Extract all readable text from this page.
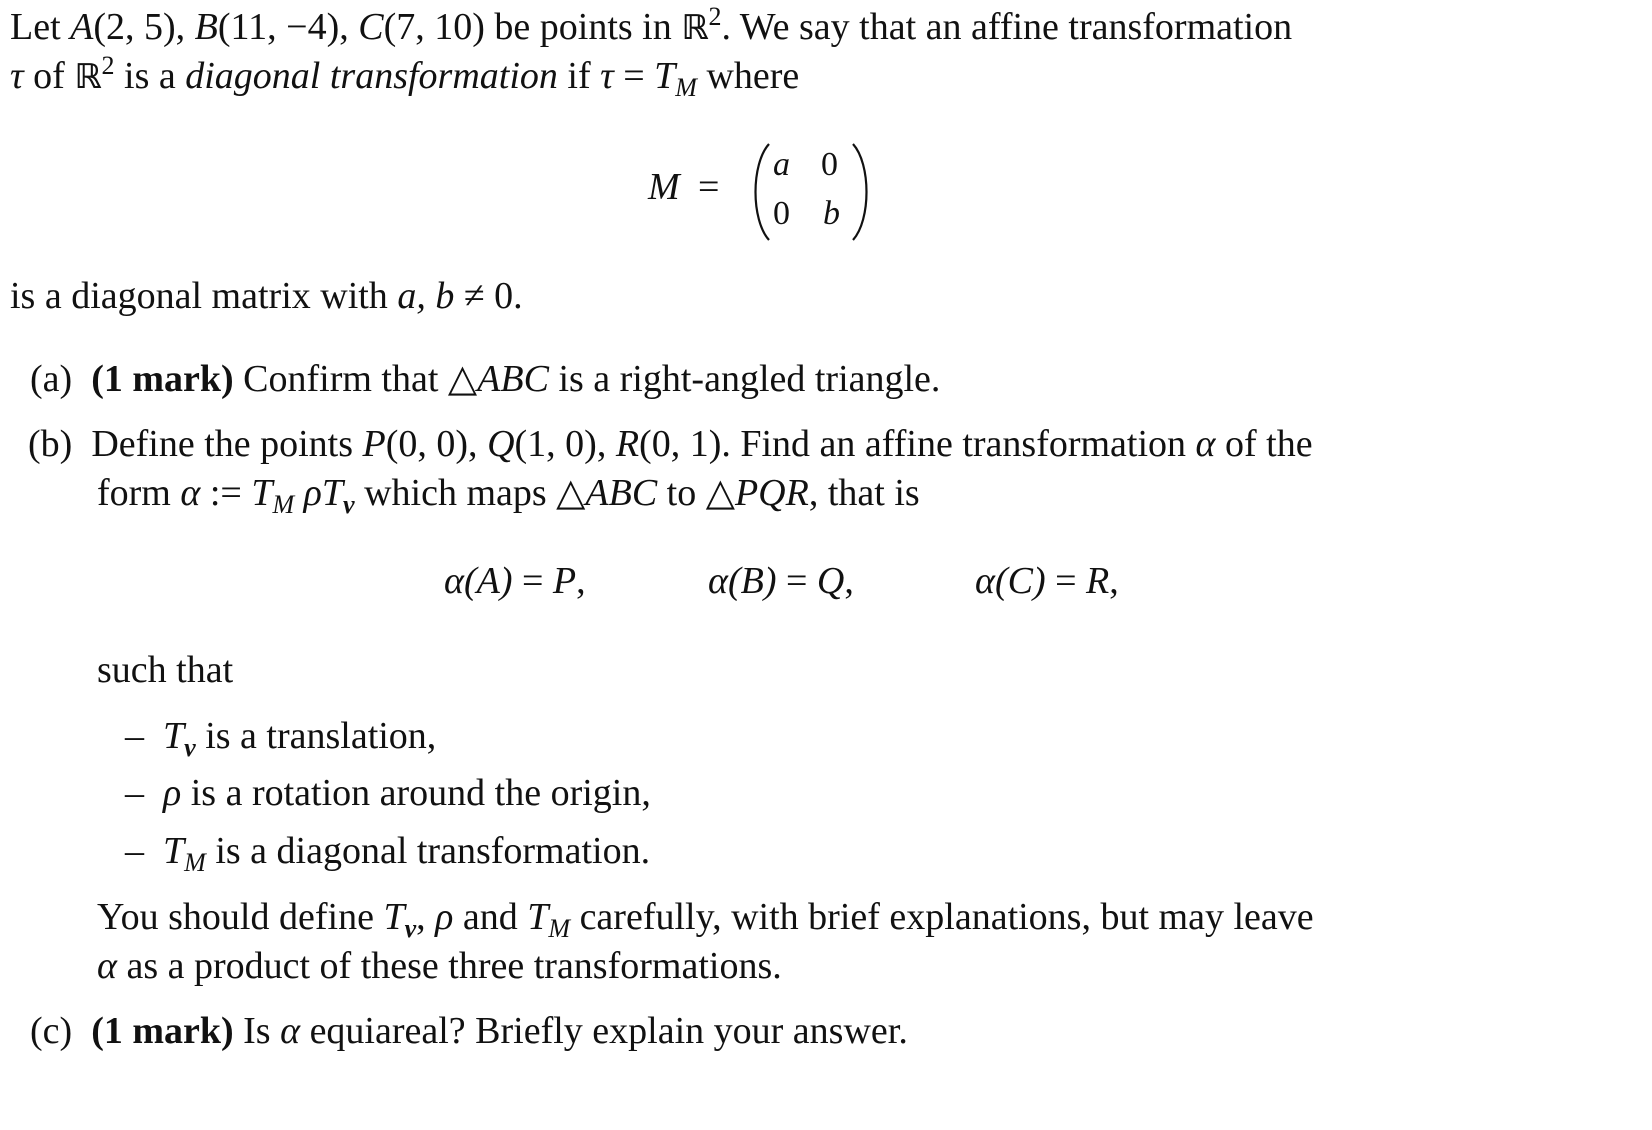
Let A(2, 5), B(11, −4), C(7, 10) be points in ℝ$^2$. We say that an affine transformation
τ of ℝ$^2$ is a diagonal transformation if $\tau = T_M$ where
M =
a 0
0 b
is a diagonal matrix with a, b ≠ 0.
(a) (1 mark) Confirm that △ABC is a right-angled triangle.
(b) Define the points P(0, 0), Q(1, 0), R(0, 1). Find an affine transformation α of the
form α := $T_M$ $\rho T_v$ which maps △ABC to △PQR, that is
α(A) = P,	α(B) = Q,	α(C) = R,
such that
– $T_v$ is a translation,
– ρ is a rotation around the origin,
– $T_M$ is a diagonal transformation.
You should define $T_v$, ρ and $T_M$ carefully, with brief explanations, but may leave
α as a product of these three transformations.
(c) (1 mark) Is α equiareal? Briefly explain your answer.
